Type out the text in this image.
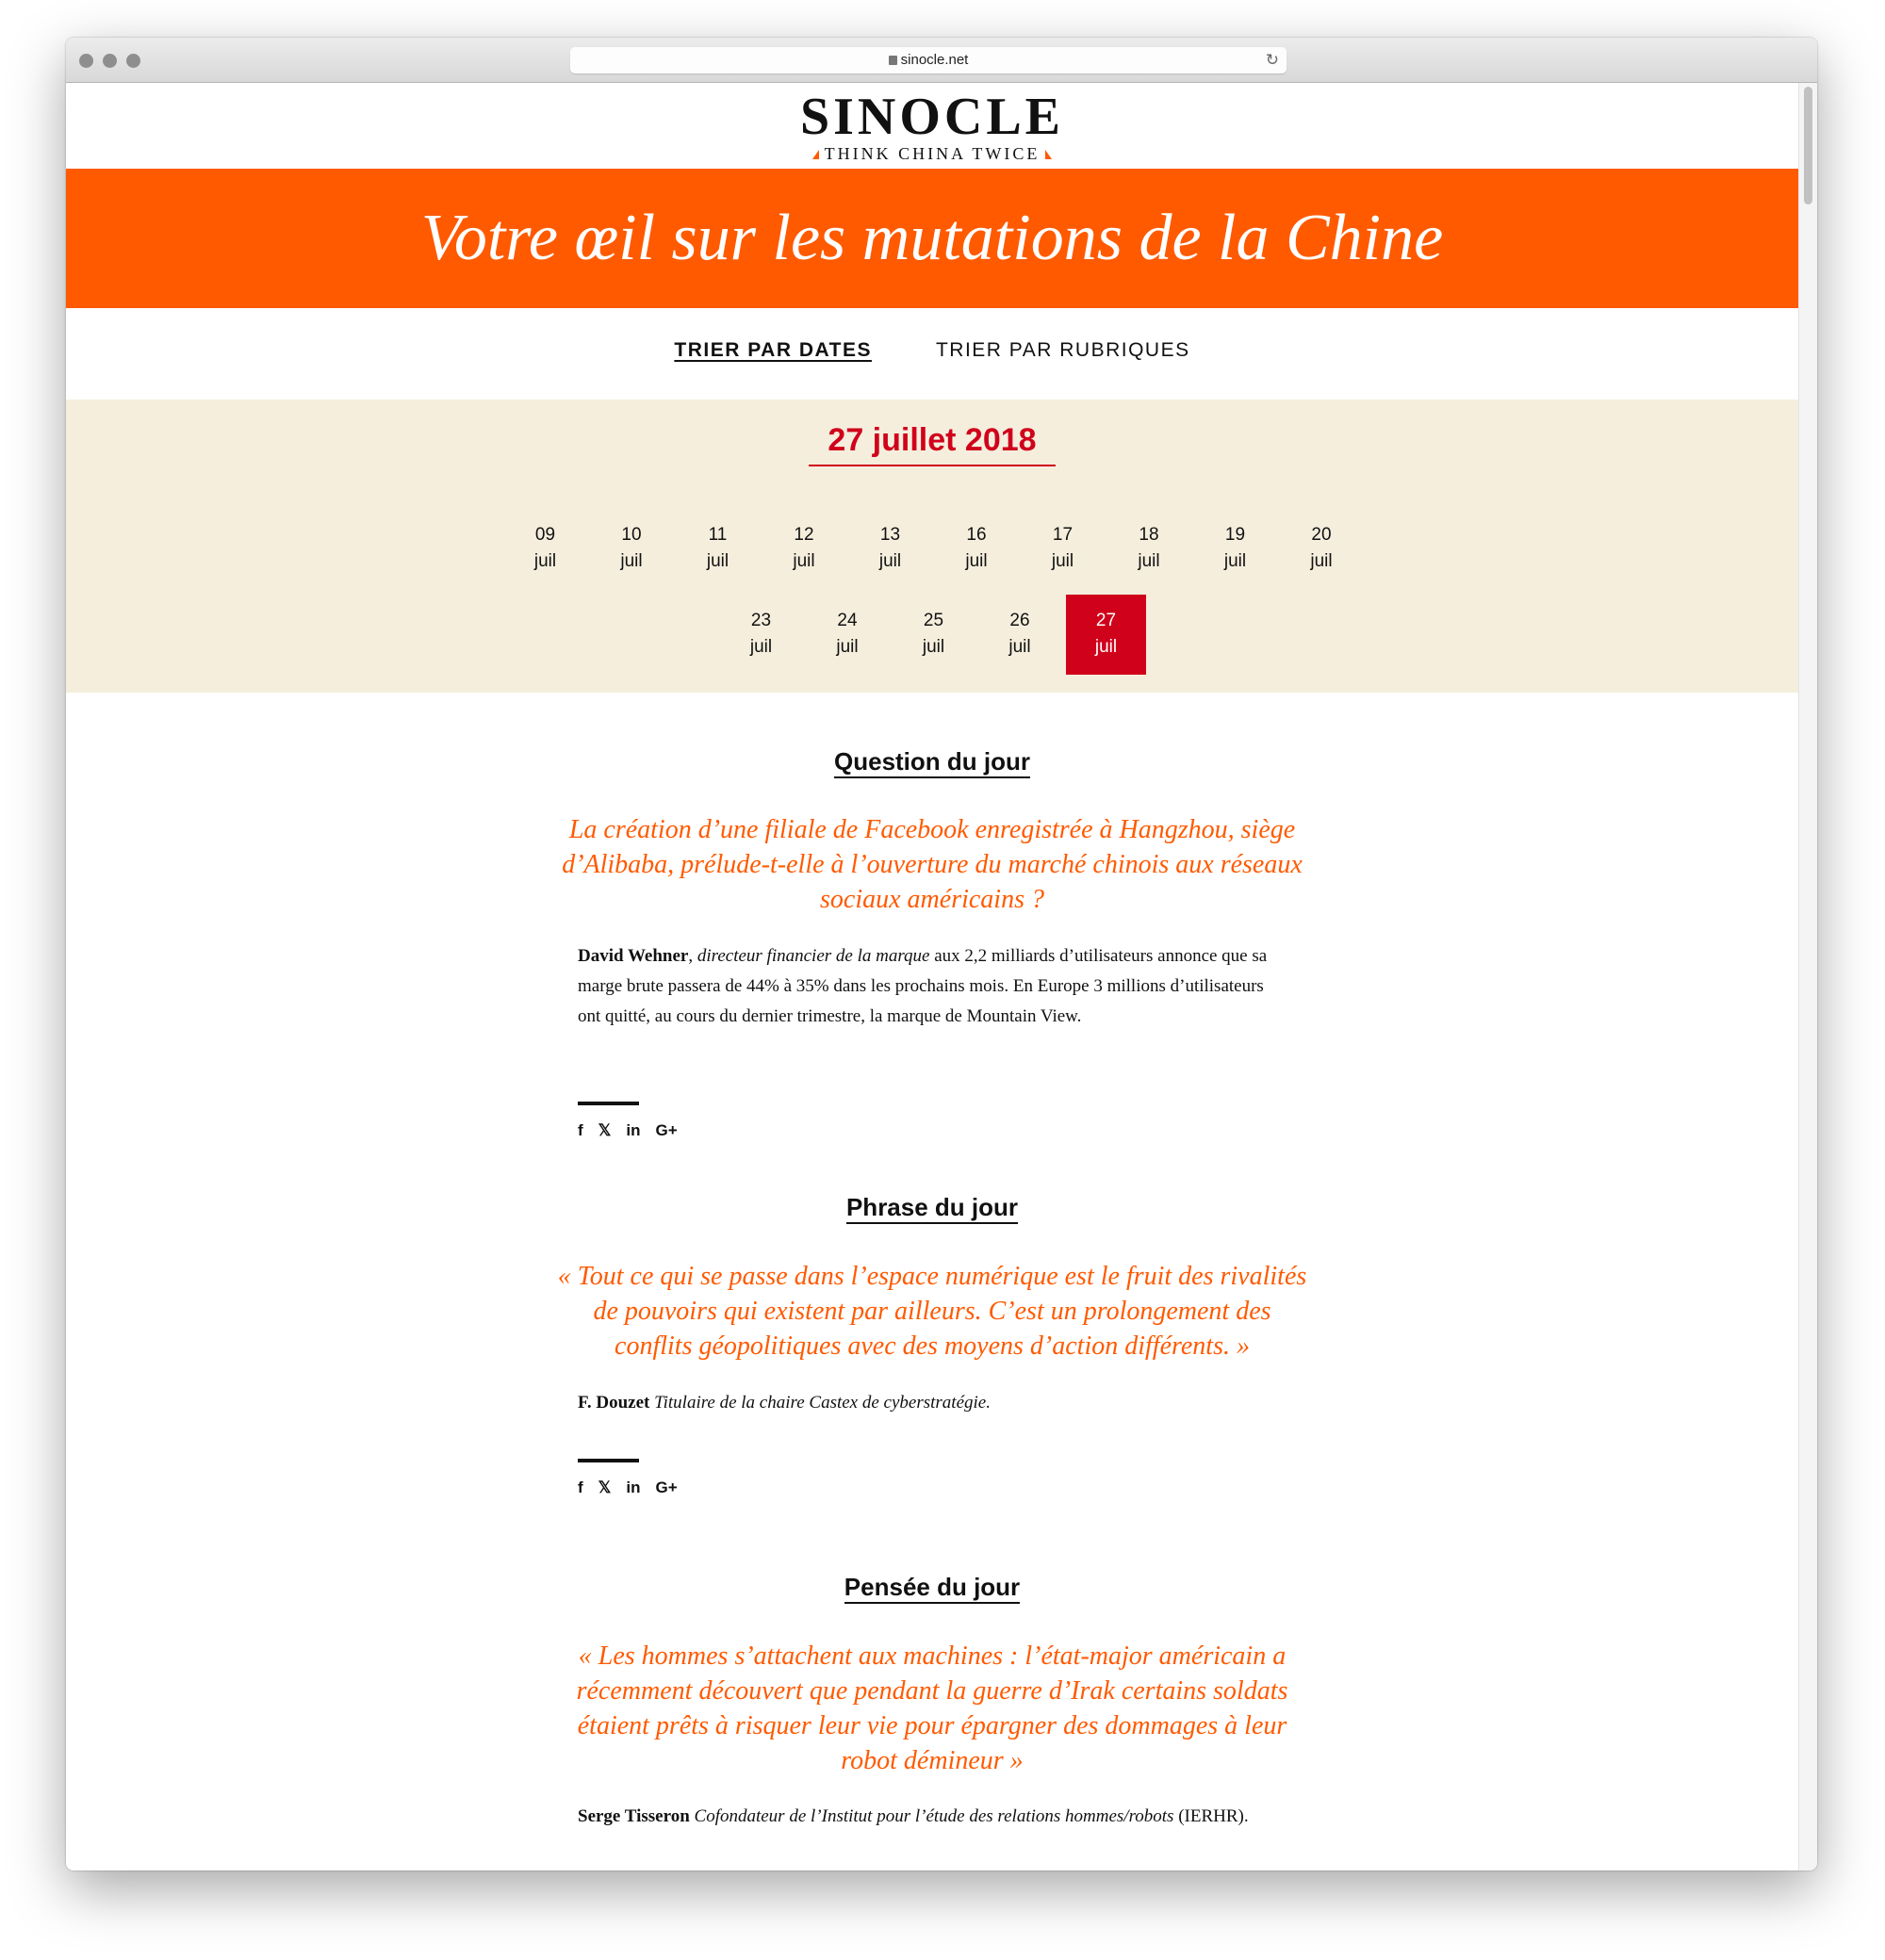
sinocle.net	↻
SINOCLE
THINK CHINA TWICE
Votre œil sur les mutations de la Chine
TRIER PAR DATES	TRIER PAR RUBRIQUES
27 juillet 2018
09
juil
10
juil
11
juil
12
juil
13
juil
16
juil
17
juil
18
juil
19
juil
20
juil
23
juil
24
juil
25
juil
26
juil
27
juil
Question du jour
La création d’une filiale de Facebook enregistrée à Hangzhou, siège
d’Alibaba, prélude-t-elle à l’ouverture du marché chinois aux réseaux
sociaux américains ?
David Wehner, directeur financier de la marque aux 2,2 milliards d’utilisateurs annonce que sa marge brute passera de 44% à 35% dans les prochains mois. En Europe 3 millions d’utilisateurs ont quitté, au cours du dernier trimestre, la marque de Mountain View.
f 𝕏 in G+
Phrase du jour
« Tout ce qui se passe dans l’espace numérique est le fruit des rivalités
de pouvoirs qui existent par ailleurs. C’est un prolongement des
conflits géopolitiques avec des moyens d’action différents. »
F. Douzet Titulaire de la chaire Castex de cyberstratégie.
f 𝕏 in G+
Pensée du jour
« Les hommes s’attachent aux machines : l’état-major américain a
récemment découvert que pendant la guerre d’Irak certains soldats
étaient prêts à risquer leur vie pour épargner des dommages à leur
robot démineur »
Serge Tisseron Cofondateur de l’Institut pour l’étude des relations hommes/robots (IERHR).
